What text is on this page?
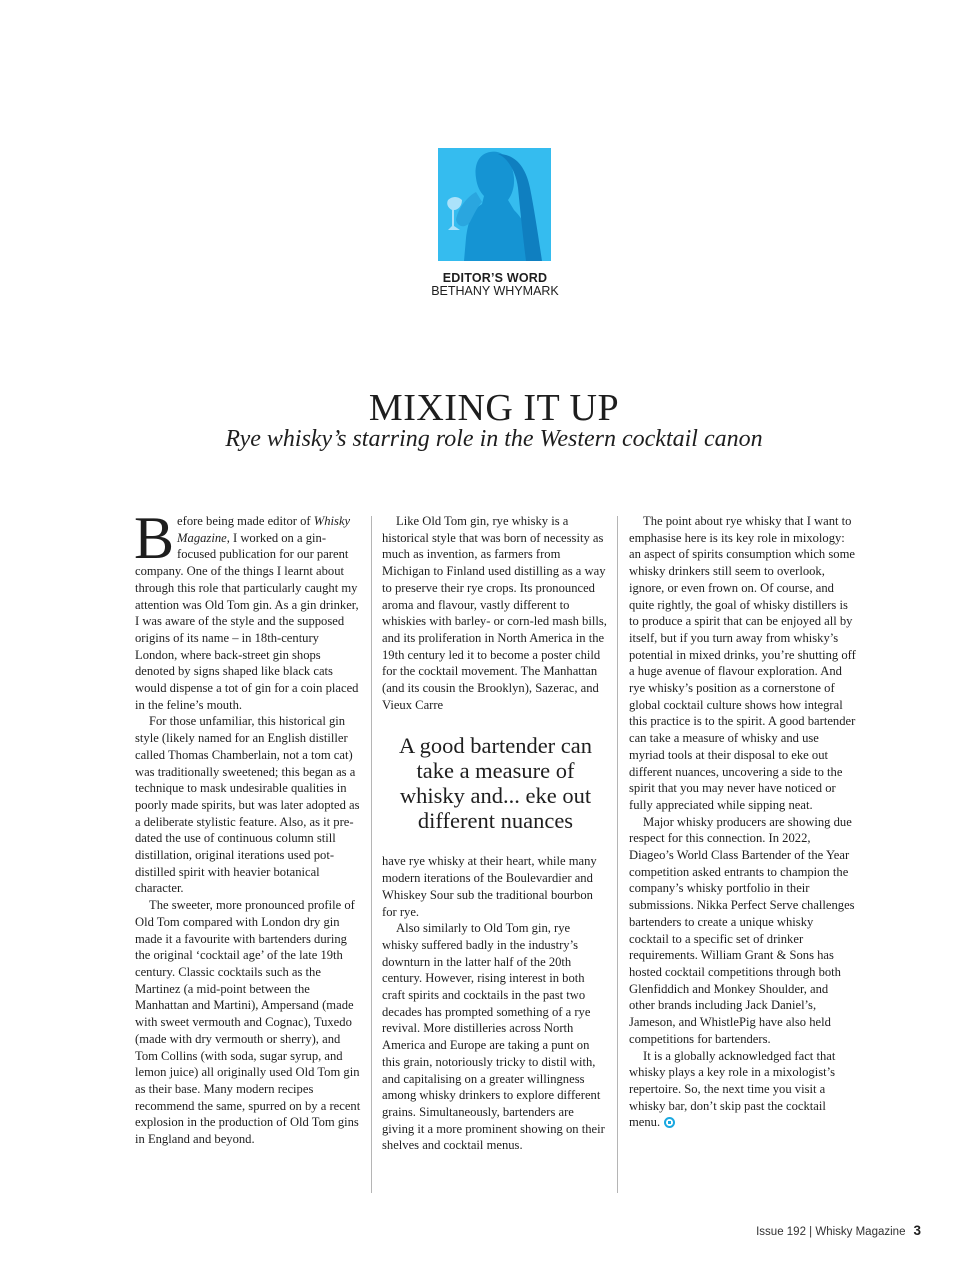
EDITOR’S WORD
BETHANY WHYMARK
MIXING IT UP
Rye whisky’s starring role in the Western cocktail canon

Before being made editor of Whisky Magazine, I worked on a gin-focused publication for our parent company. One of the things I learnt about through this role that particularly caught my attention was Old Tom gin. As a gin drinker, I was aware of the style and the supposed origins of its name – in 18th-century London, where back-street gin shops denoted by signs shaped like black cats would dispense a tot of gin for a coin placed in the feline’s mouth.

For those unfamiliar, this historical gin style (likely named for an English distiller called Thomas Chamberlain, not a tom cat) was traditionally sweetened; this began as a technique to mask undesirable qualities in poorly made spirits, but was later adopted as a deliberate stylistic feature. Also, as it pre-dated the use of continuous column still distillation, original iterations used pot-distilled spirit with heavier botanical character.

The sweeter, more pronounced profile of Old Tom compared with London dry gin made it a favourite with bartenders during the original ‘cocktail age’ of the late 19th century. Classic cocktails such as the Martinez (a mid-point between the Manhattan and Martini), Ampersand (made with sweet vermouth and Cognac), Tuxedo (made with dry vermouth or sherry), and Tom Collins (with soda, sugar syrup, and lemon juice) all originally used Old Tom gin as their base. Many modern recipes recommend the same, spurred on by a recent explosion in the production of Old Tom gins in England and beyond.

Like Old Tom gin, rye whisky is a historical style that was born of necessity as much as invention, as farmers from Michigan to Finland used distilling as a way to preserve their rye crops. Its pronounced aroma and flavour, vastly different to whiskies with barley- or corn-led mash bills, and its proliferation in North America in the 19th century led it to become a poster child for the cocktail movement. The Manhattan (and its cousin the Brooklyn), Sazerac, and Vieux Carre

A good bartender can take a measure of whisky and... eke out different nuances

have rye whisky at their heart, while many modern iterations of the Boulevardier and Whiskey Sour sub the traditional bourbon for rye.

Also similarly to Old Tom gin, rye whisky suffered badly in the industry’s downturn in the latter half of the 20th century. However, rising interest in both craft spirits and cocktails in the past two decades has prompted something of a rye revival. More distilleries across North America and Europe are taking a punt on this grain, notoriously tricky to distil with, and capitalising on a greater willingness among whisky drinkers to explore different grains. Simultaneously, bartenders are giving it a more prominent showing on their shelves and cocktail menus.

The point about rye whisky that I want to emphasise here is its key role in mixology: an aspect of spirits consumption which some whisky drinkers still seem to overlook, ignore, or even frown on. Of course, and quite rightly, the goal of whisky distillers is to produce a spirit that can be enjoyed all by itself, but if you turn away from whisky’s potential in mixed drinks, you’re shutting off a huge avenue of flavour exploration. And rye whisky’s position as a cornerstone of global cocktail culture shows how integral this practice is to the spirit. A good bartender can take a measure of whisky and use myriad tools at their disposal to eke out different nuances, uncovering a side to the spirit that you may never have noticed or fully appreciated while sipping neat.

Major whisky producers are showing due respect for this connection. In 2022, Diageo’s World Class Bartender of the Year competition asked entrants to champion the company’s whisky portfolio in their submissions. Nikka Perfect Serve challenges bartenders to create a unique whisky cocktail to a specific set of drinker requirements. William Grant & Sons has hosted cocktail competitions through both Glenfiddich and Monkey Shoulder, and other brands including Jack Daniel’s, Jameson, and WhistlePig have also held competitions for bartenders.

It is a globally acknowledged fact that whisky plays a key role in a mixologist’s repertoire. So, the next time you visit a whisky bar, don’t skip past the cocktail menu.

Issue 192 | Whisky Magazine 3
